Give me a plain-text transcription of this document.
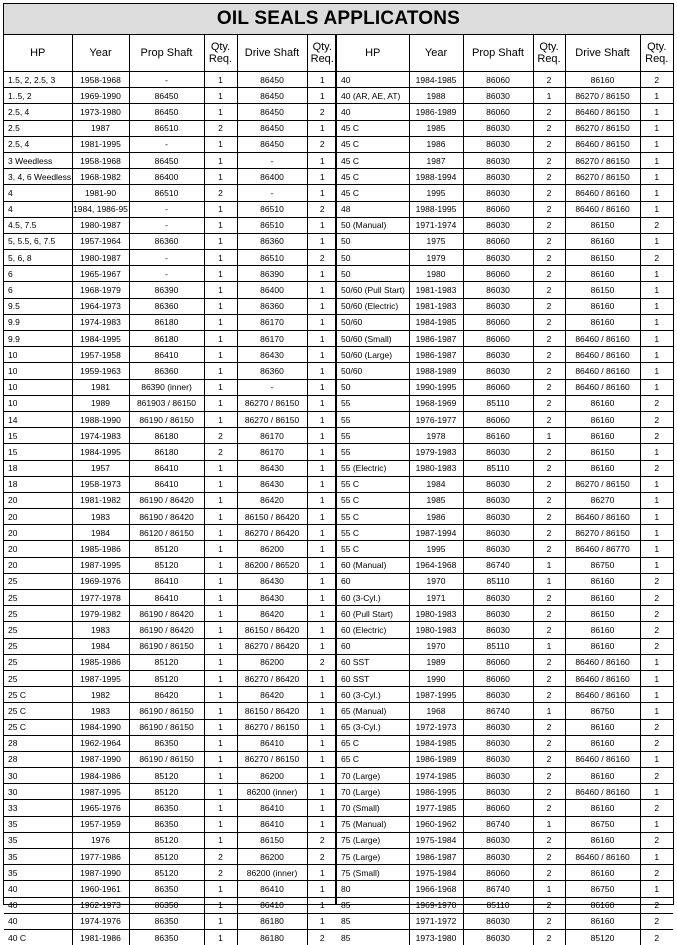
OIL SEALS APPLICATONS
HP	Year	Prop Shaft	Qty. Req.	Drive Shaft	Qty. Req.
1.5, 2, 2.5, 3	1958-1968	-	1	86450	1
1..5, 2	1969-1990	86450	1	86450	1
2.5, 4	1973-1980	86450	1	86450	2
2.5	1987	86510	2	86450	1
2.5, 4	1981-1995	-	1	86450	2
3 Weedless	1958-1968	86450	1	-	1
3, 4, 6 Weedless	1968-1982	86400	1	86400	1
4	1981-90	86510	2	-	1
4	1984, 1986-95	-	1	86510	2
4.5, 7.5	1980-1987	-	1	86510	1
5, 5.5, 6, 7.5	1957-1964	86360	1	86360	1
5, 6, 8	1980-1987	-	1	86510	2
6	1965-1967	-	1	86390	1
6	1968-1979	86390	1	86400	1
9.5	1964-1973	86360	1	86360	1
9.9	1974-1983	86180	1	86170	1
9.9	1984-1995	86180	1	86170	1
10	1957-1958	86410	1	86430	1
10	1959-1963	86360	1	86360	1
10	1981	86390 (inner)	1	-	1
10	1989	861903 / 86150	1	86270 / 86150	1
14	1988-1990	86190 / 86150	1	86270 / 86150	1
15	1974-1983	86180	2	86170	1
15	1984-1995	86180	2	86170	1
18	1957	86410	1	86430	1
18	1958-1973	86410	1	86430	1
20	1981-1982	86190 / 86420	1	86420	1
20	1983	86190 / 86420	1	86150 / 86420	1
20	1984	86120 / 86150	1	86270 / 86420	1
20	1985-1986	85120	1	86200	1
20	1987-1995	85120	1	86200 / 86520	1
25	1969-1976	86410	1	86430	1
25	1977-1978	86410	1	86430	1
25	1979-1982	86190 / 86420	1	86420	1
25	1983	86190 / 86420	1	86150 / 86420	1
25	1984	86190 / 86150	1	86270 / 86420	1
25	1985-1986	85120	1	86200	2
25	1987-1995	85120	1	86270 / 86420	1
25 C	1982	86420	1	86420	1
25 C	1983	86190 / 86150	1	86150 / 86420	1
25 C	1984-1990	86190 / 86150	1	86270 / 86150	1
28	1962-1964	86350	1	86410	1
28	1987-1990	86190 / 86150	1	86270 / 86150	1
30	1984-1986	85120	1	86200	1
30	1987-1995	85120	1	86200 (inner)	1
33	1965-1976	86350	1	86410	1
35	1957-1959	86350	1	86410	1
35	1976	85120	1	86150	2
35	1977-1986	85120	2	86200	2
35	1987-1990	85120	2	86200 (inner)	1
40	1960-1961	86350	1	86410	1
40	1962-1973	86350	1	86410	1
40	1974-1976	86350	1	86180	1
40 C	1981-1986	86350	1	86180	2
HP	Year	Prop Shaft	Qty. Req.	Drive Shaft	Qty. Req.
40	1984-1985	86060	2	86160	2
40 (AR, AE, AT)	1988	86030	1	86270 / 86150	1
40	1986-1989	86060	2	86460 / 86150	1
45 C	1985	86030	2	86270 / 86150	1
45 C	1986	86030	2	86460 / 86150	1
45 C	1987	86030	2	86270 / 86150	1
45 C	1988-1994	86030	2	86270 / 86150	1
45 C	1995	86030	2	86460 / 86160	1
48	1988-1995	86060	2	86460 / 86160	1
50 (Manual)	1971-1974	86030	2	86150	2
50	1975	86060	2	86160	1
50	1979	86030	2	86150	2
50	1980	86060	2	86160	1
50/60 (Pull Start)	1981-1983	86030	2	86150	1
50/60 (Electric)	1981-1983	86030	2	86160	1
50/60	1984-1985	86060	2	86160	1
50/60 (Small)	1986-1987	86060	2	86460 / 86160	1
50/60 (Large)	1986-1987	86030	2	86460 / 86160	1
50/60	1988-1989	86030	2	86460 / 86160	1
50	1990-1995	86060	2	86460 / 86160	1
55	1968-1969	85110	2	86160	2
55	1976-1977	86060	2	86160	2
55	1978	86160	1	86160	2
55	1979-1983	86030	2	86150	1
55 (Electric)	1980-1983	85110	2	86160	2
55 C	1984	86030	2	86270 / 86150	1
55 C	1985	86030	2	86270	1
55 C	1986	86030	2	86460 / 86160	1
55 C	1987-1994	86030	2	86270 / 86150	1
55 C	1995	86030	2	86460 / 86770	1
60 (Manual)	1964-1968	86740	1	86750	1
60	1970	85110	1	86160	2
60 (3-Cyl.)	1971	86030	2	86160	2
60 (Pull Start)	1980-1983	86030	2	86150	2
60 (Electric)	1980-1983	86030	2	86160	2
60	1970	85110	1	86160	2
60 SST	1989	86060	2	86460 / 86160	1
60 SST	1990	86060	2	86460 / 86160	1
60 (3-Cyl.)	1987-1995	86030	2	86460 / 86160	1
65 (Manual)	1968	86740	1	86750	1
65 (3-Cyl.)	1972-1973	86030	2	86160	2
65 C	1984-1985	86030	2	86160	2
65 C	1986-1989	86030	2	86460 / 86160	1
70 (Large)	1974-1985	86030	2	86160	2
70 (Large)	1986-1995	86030	2	86460 / 86160	1
70 (Small)	1977-1985	86060	2	86160	2
75 (Manual)	1960-1962	86740	1	86750	1
75 (Large)	1975-1984	86030	2	86160	2
75 (Large)	1986-1987	86030	2	86460 / 86160	1
75 (Small)	1975-1984	86060	2	86160	2
80	1966-1968	86740	1	86750	1
85	1969-1970	85110	2	86160	2
85	1971-1972	86030	2	86160	2
85	1973-1980	86030	2	85120	2
